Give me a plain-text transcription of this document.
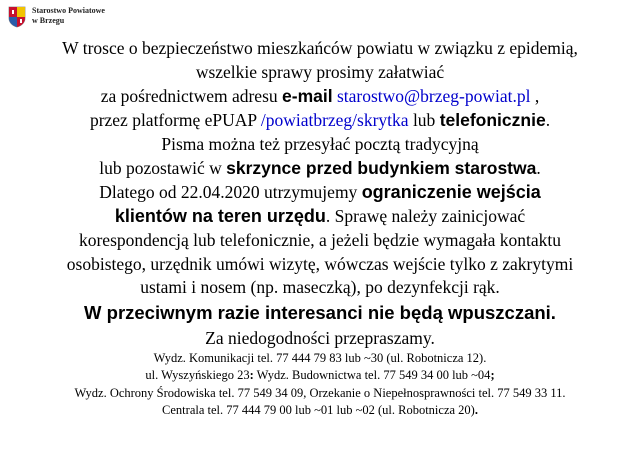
Starostwo Powiatowe
w Brzegu
W trosce o bezpieczeństwo mieszkańców powiatu w związku z epidemią,
wszelkie sprawy prosimy załatwiać
za pośrednictwem adresu e-mail starostwo@brzeg-powiat.pl ,
przez platformę ePUAP /powiatbrzeg/skrytka lub telefonicznie.
Pisma można też przesyłać pocztą tradycyjną
lub pozostawić w skrzynce przed budynkiem starostwa.
Dlatego od 22.04.2020 utrzymujemy ograniczenie wejścia
klientów na teren urzędu. Sprawę należy zainicjować
korespondencją lub telefonicznie, a jeżeli będzie wymagała kontaktu
osobistego, urzędnik umówi wizytę, wówczas wejście tylko z zakrytymi
ustami i nosem (np. maseczką), po dezynfekcji rąk.
W przeciwnym razie interesanci nie będą wpuszczani.
Za niedogodności przepraszamy.
Wydz. Komunikacji tel. 77 444 79 83 lub ~30 (ul. Robotnicza 12).
ul. Wyszyńskiego 23: Wydz. Budownictwa tel. 77 549 34 00 lub ~04;
Wydz. Ochrony Środowiska tel. 77 549 34 09, Orzekanie o Niepełnosprawności tel. 77 549 33 11.
Centrala tel. 77 444 79 00 lub ~01 lub ~02 (ul. Robotnicza 20).
